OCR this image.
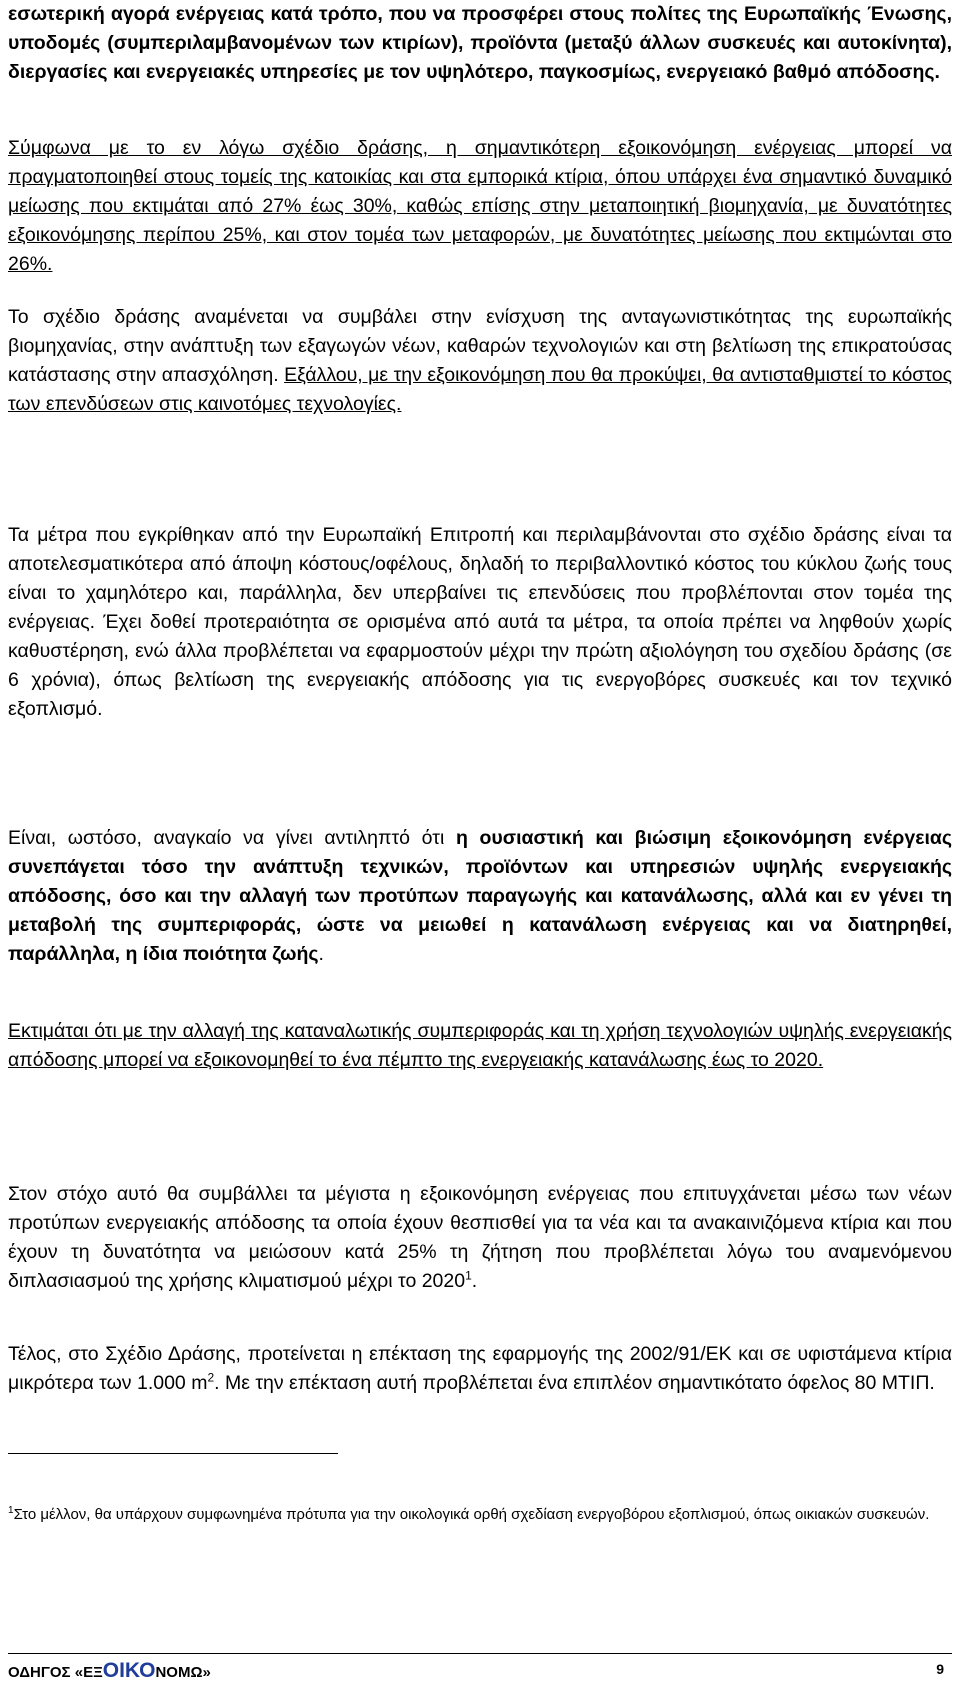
εσωτερική αγορά ενέργειας κατά τρόπο, που να προσφέρει στους πολίτες της Ευρωπαϊκής Ένωσης, υποδομές (συμπεριλαμβανομένων των κτιρίων), προϊόντα (μεταξύ άλλων συσκευές και αυτοκίνητα), διεργασίες και ενεργειακές υπηρεσίες με τον υψηλότερο, παγκοσμίως, ενεργειακό βαθμό απόδοσης.

Σύμφωνα με το εν λόγω σχέδιο δράσης, η σημαντικότερη εξοικονόμηση ενέργειας μπορεί να πραγματοποιηθεί στους τομείς της κατοικίας και στα εμπορικά κτίρια, όπου υπάρχει ένα σημαντικό δυναμικό μείωσης που εκτιμάται από 27% έως 30%, καθώς επίσης στην μεταποιητική βιομηχανία, με δυνατότητες εξοικονόμησης περίπου 25%, και στον τομέα των μεταφορών, με δυνατότητες μείωσης που εκτιμώνται στο 26%.

Το σχέδιο δράσης αναμένεται να συμβάλει στην ενίσχυση της ανταγωνιστικότητας της ευρωπαϊκής βιομηχανίας, στην ανάπτυξη των εξαγωγών νέων, καθαρών τεχνολογιών και στη βελτίωση της επικρατούσας κατάστασης στην απασχόληση. Εξάλλου, με την εξοικονόμηση που θα προκύψει, θα αντισταθμιστεί το κόστος των επενδύσεων στις καινοτόμες τεχνολογίες.

Τα μέτρα που εγκρίθηκαν από την Ευρωπαϊκή Επιτροπή και περιλαμβάνονται στο σχέδιο δράσης είναι τα αποτελεσματικότερα από άποψη κόστους/οφέλους, δηλαδή το περιβαλλοντικό κόστος του κύκλου ζωής τους είναι το χαμηλότερο και, παράλληλα, δεν υπερβαίνει τις επενδύσεις που προβλέπονται στον τομέα της ενέργειας. Έχει δοθεί προτεραιότητα σε ορισμένα από αυτά τα μέτρα, τα οποία πρέπει να ληφθούν χωρίς καθυστέρηση, ενώ άλλα προβλέπεται να εφαρμοστούν μέχρι την πρώτη αξιολόγηση του σχεδίου δράσης (σε 6 χρόνια), όπως βελτίωση της ενεργειακής απόδοσης για τις ενεργοβόρες συσκευές και τον τεχνικό εξοπλισμό.

Είναι, ωστόσο, αναγκαίο να γίνει αντιληπτό ότι η ουσιαστική και βιώσιμη εξοικονόμηση ενέργειας συνεπάγεται τόσο την ανάπτυξη τεχνικών, προϊόντων και υπηρεσιών υψηλής ενεργειακής απόδοσης, όσο και την αλλαγή των προτύπων παραγωγής και κατανάλωσης, αλλά και εν γένει τη μεταβολή της συμπεριφοράς, ώστε να μειωθεί η κατανάλωση ενέργειας και να διατηρηθεί, παράλληλα, η ίδια ποιότητα ζωής.

Εκτιμάται ότι με την αλλαγή της καταναλωτικής συμπεριφοράς και τη χρήση τεχνολογιών υψηλής ενεργειακής απόδοσης μπορεί να εξοικονομηθεί το ένα πέμπτο της ενεργειακής κατανάλωσης έως το 2020.

Στον στόχο αυτό θα συμβάλλει τα μέγιστα η εξοικονόμηση ενέργειας που επιτυγχάνεται μέσω των νέων προτύπων ενεργειακής απόδοσης τα οποία έχουν θεσπισθεί για τα νέα και τα ανακαινιζόμενα κτίρια και που έχουν τη δυνατότητα να μειώσουν κατά 25% τη ζήτηση που προβλέπεται λόγω του αναμενόμενου διπλασιασμού της χρήσης κλιματισμού μέχρι το 2020$^1$.

Τέλος, στο Σχέδιο Δράσης, προτείνεται η επέκταση της εφαρμογής της 2002/91/ΕΚ και σε υφιστάμενα κτίρια μικρότερα των 1.000 $m^2$. Με την επέκταση αυτή προβλέπεται ένα επιπλέον σημαντικότατο όφελος 80 ΜΤΙΠ.

$^1$Στο μέλλον, θα υπάρχουν συμφωνημένα πρότυπα για την οικολογικά ορθή σχεδίαση ενεργοβόρου εξοπλισμού, όπως οικιακών συσκευών.

ΟΔΗΓΟΣ «ΕΞΟΙΚΟΝΟΜΩ»	9
